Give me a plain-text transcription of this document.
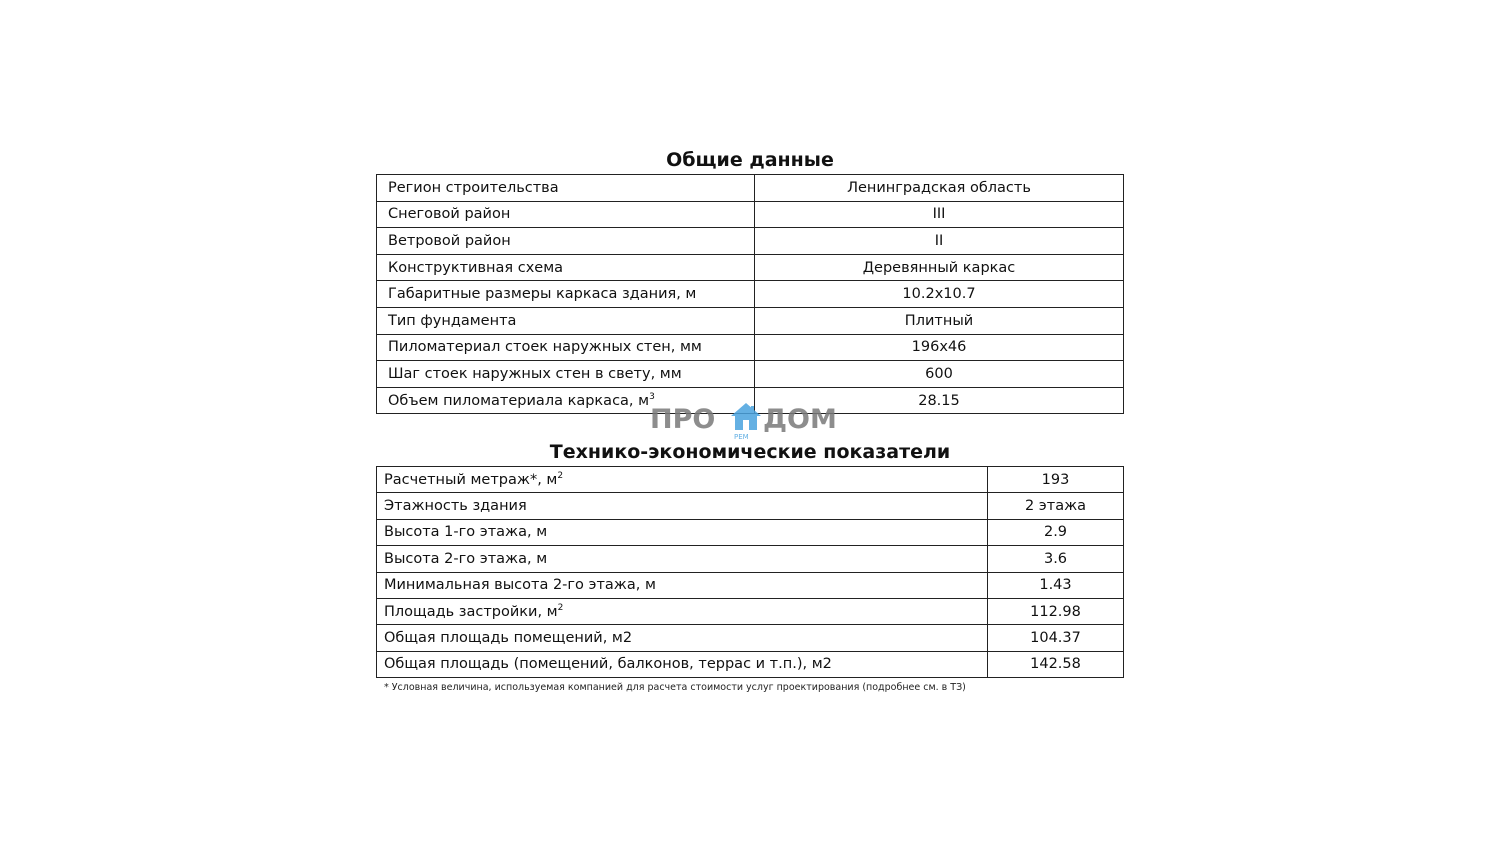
Общие данные
Регион строительства	Ленинградская область
Снеговой район	III
Ветровой район	II
Конструктивная схема	Деревянный каркас
Габаритные размеры каркаса здания, м	10.2х10.7
Тип фундамента	Плитный
Пиломатериал стоек наружных стен, мм	196х46
Шаг стоек наружных стен в свету, мм	600
Объем пиломатериала каркаса, $м^3$	28.15
ПРО ДОМ
РЕМ
Технико-экономические показатели
Расчетный метраж*, $м^2$	193
Этажность здания	2 этажа
Высота 1-го этажа, м	2.9
Высота 2-го этажа, м	3.6
Минимальная высота 2-го этажа, м	1.43
Площадь застройки, $м^2$	112.98
Общая площадь помещений, м2	104.37
Общая площадь (помещений, балконов, террас и т.п.), м2	142.58
* Условная величина, используемая компанией для расчета стоимости услуг проектирования (подробнее см. в ТЗ)
